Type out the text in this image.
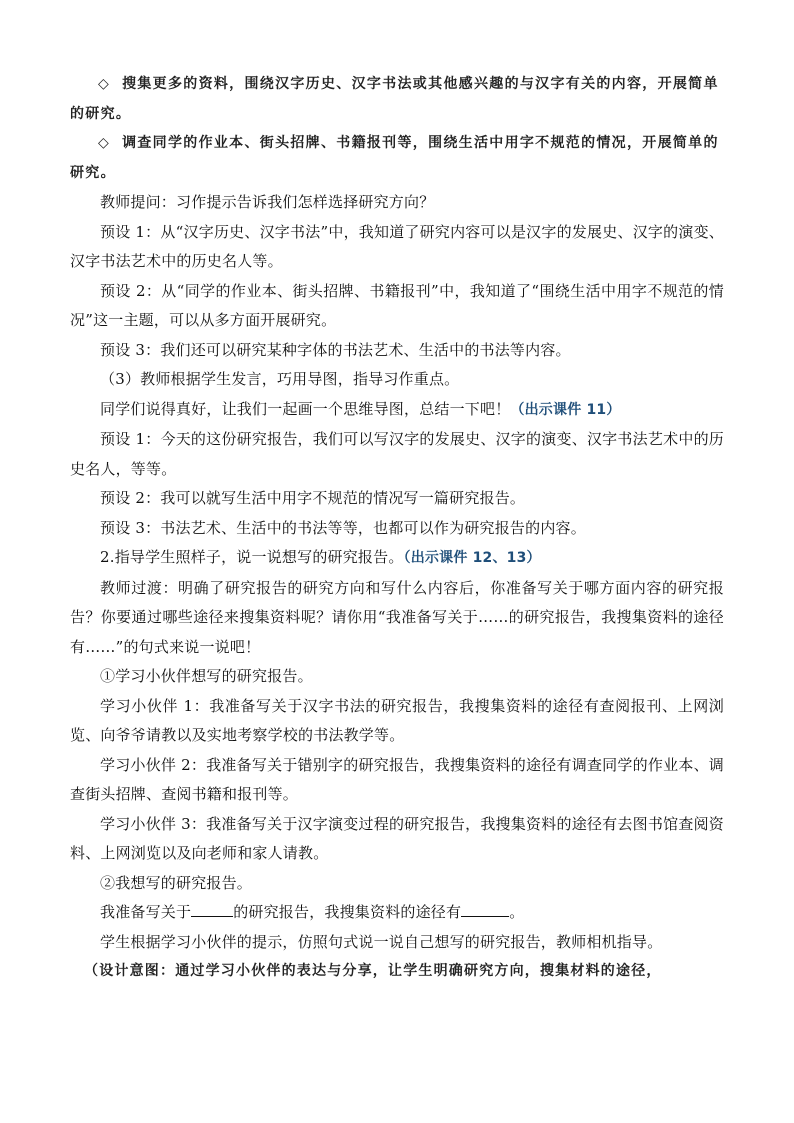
◇ 搜集更多的资料，围绕汉字历史、汉字书法或其他感兴趣的与汉字有关的内容，开展简单的研究。

◇ 调查同学的作业本、街头招牌、书籍报刊等，围绕生活中用字不规范的情况，开展简单的研究。

教师提问：习作提示告诉我们怎样选择研究方向？

预设 1：从“汉字历史、汉字书法”中，我知道了研究内容可以是汉字的发展史、汉字的演变、汉字书法艺术中的历史名人等。

预设 2：从“同学的作业本、街头招牌、书籍报刊”中，我知道了“围绕生活中用字不规范的情况”这一主题，可以从多方面开展研究。

预设 3：我们还可以研究某种字体的书法艺术、生活中的书法等内容。

（3）教师根据学生发言，巧用导图，指导习作重点。

同学们说得真好，让我们一起画一个思维导图，总结一下吧！（出示课件 11）

预设 1：今天的这份研究报告，我们可以写汉字的发展史、汉字的演变、汉字书法艺术中的历史名人，等等。

预设 2：我可以就写生活中用字不规范的情况写一篇研究报告。

预设 3：书法艺术、生活中的书法等等，也都可以作为研究报告的内容。

2.指导学生照样子，说一说想写的研究报告。（出示课件 12、13）

教师过渡：明确了研究报告的研究方向和写什么内容后，你准备写关于哪方面内容的研究报告？你要通过哪些途径来搜集资料呢？请你用“我准备写关于……的研究报告，我搜集资料的途径有……”的句式来说一说吧！

①学习小伙伴想写的研究报告。

学习小伙伴 1：我准备写关于汉字书法的研究报告，我搜集资料的途径有查阅报刊、上网浏览、向爷爷请教以及实地考察学校的书法教学等。

学习小伙伴 2：我准备写关于错别字的研究报告，我搜集资料的途径有调查同学的作业本、调查街头招牌、查阅书籍和报刊等。

学习小伙伴 3：我准备写关于汉字演变过程的研究报告，我搜集资料的途径有去图书馆查阅资料、上网浏览以及向老师和家人请教。

②我想写的研究报告。

我准备写关于	的研究报告，我搜集资料的途径有	。

学生根据学习小伙伴的提示，仿照句式说一说自己想写的研究报告，教师相机指导。

（设计意图：通过学习小伙伴的表达与分享，让学生明确研究方向，搜集材料的途径，
